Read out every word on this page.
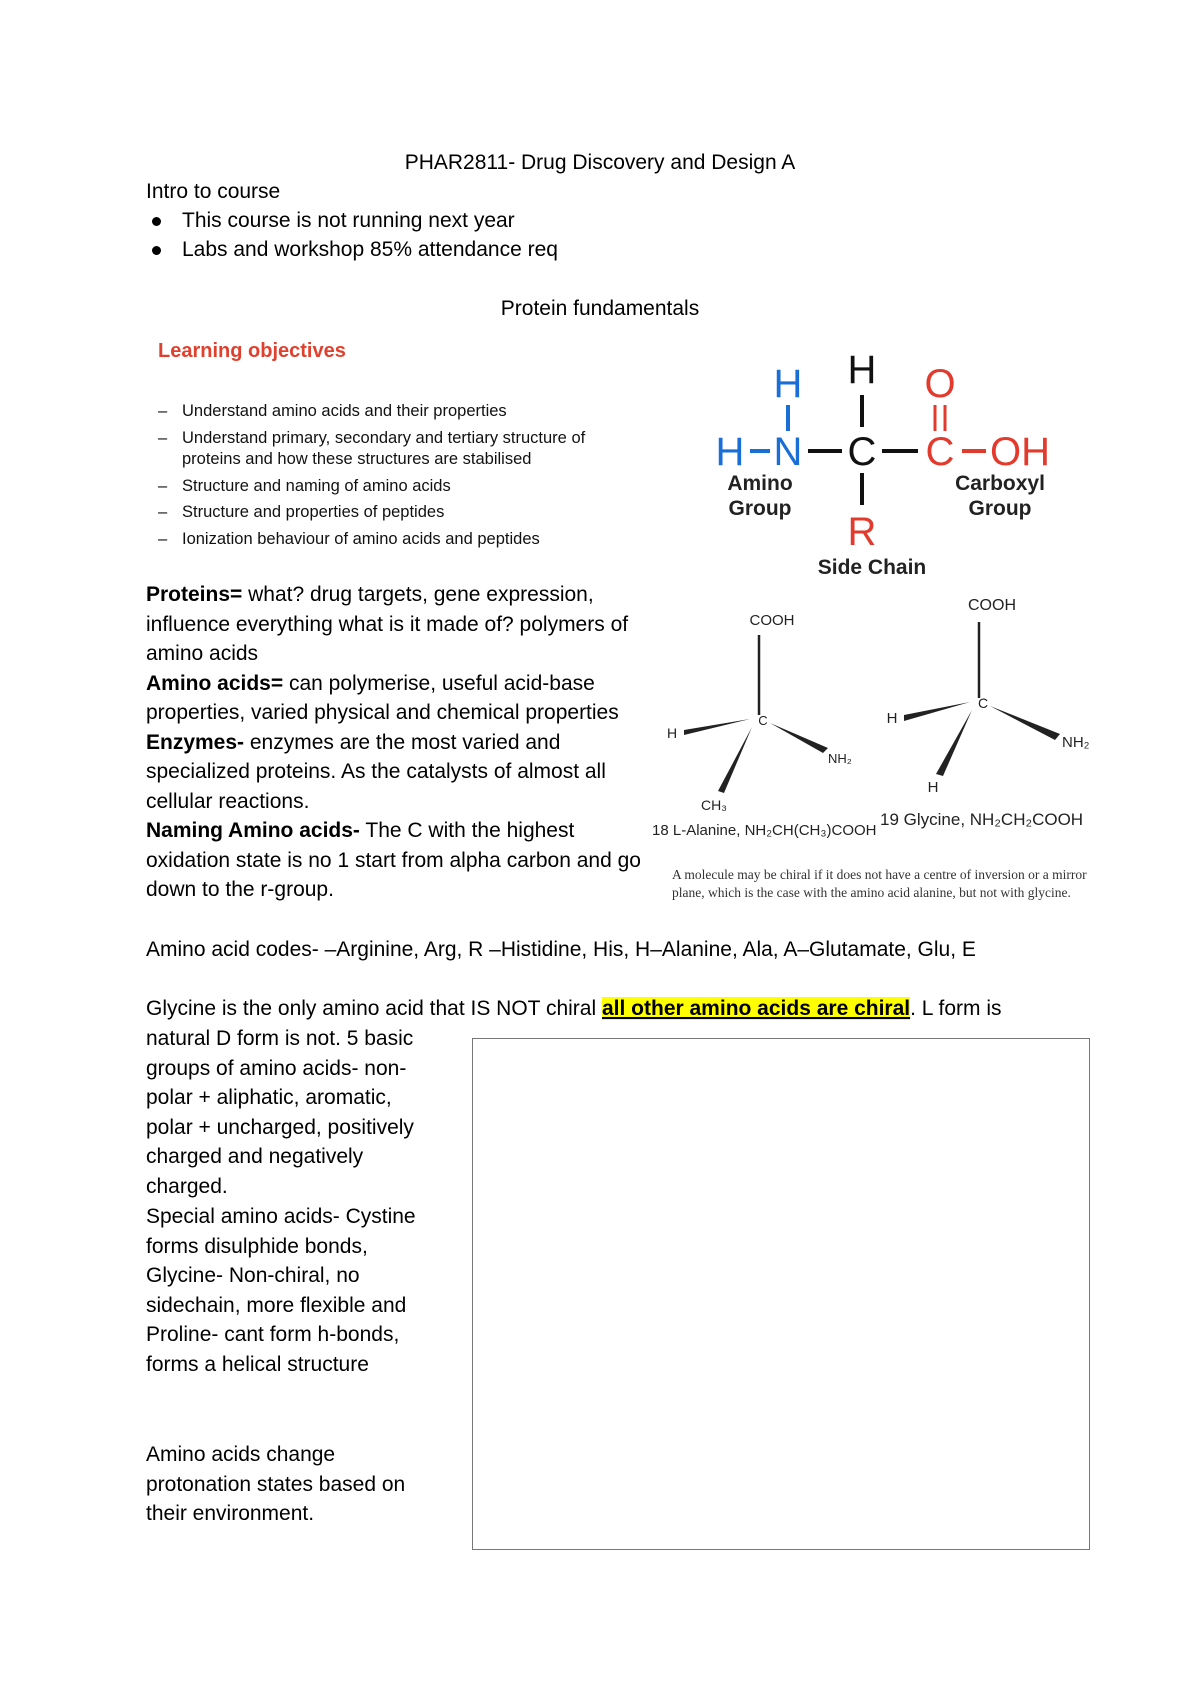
PHAR2811- Drug Discovery and Design A
Intro to course
This course is not running next year
Labs and workshop 85% attendance req
Protein fundamentals
Learning objectives
– Understand amino acids and their properties
– Understand primary, secondary and tertiary structure of proteins and how these structures are stabilised
– Structure and naming of amino acids
– Structure and properties of peptides
– Ionization behaviour of amino acids and peptides
H
H N C
H
C
O
OH
R
Amino
Group
Carboxyl
Group
Side Chain
COOH
C
H
NH₂
CH₃
18 L-Alanine, NH₂CH(CH₃)COOH
COOH
C
H
NH₂
H
19 Glycine, NH₂CH₂COOH
A molecule may be chiral if it does not have a centre of inversion or a mirror plane, which is the case with the amino acid alanine, but not with glycine.
Proteins= what? drug targets, gene expression, influence everything what is it made of? polymers of amino acids
Amino acids= can polymerise, useful acid-base properties, varied physical and chemical properties
Enzymes- enzymes are the most varied and specialized proteins. As the catalysts of almost all cellular reactions.
Naming Amino acids- The C with the highest oxidation state is no 1 start from alpha carbon and go down to the r-group.
Amino acid codes- –Arginine, Arg, R –Histidine, His, H–Alanine, Ala, A–Glutamate, Glu, E
Glycine is the only amino acid that IS NOT chiral all other amino acids are chiral. L form is
natural D form is not. 5 basic groups of amino acids- non-polar + aliphatic, aromatic, polar + uncharged, positively charged and negatively charged.
Special amino acids- Cystine forms disulphide bonds, Glycine- Non-chiral, no sidechain, more flexible and Proline- cant form h-bonds, forms a helical structure
Amino acids change protonation states based on their environment.
